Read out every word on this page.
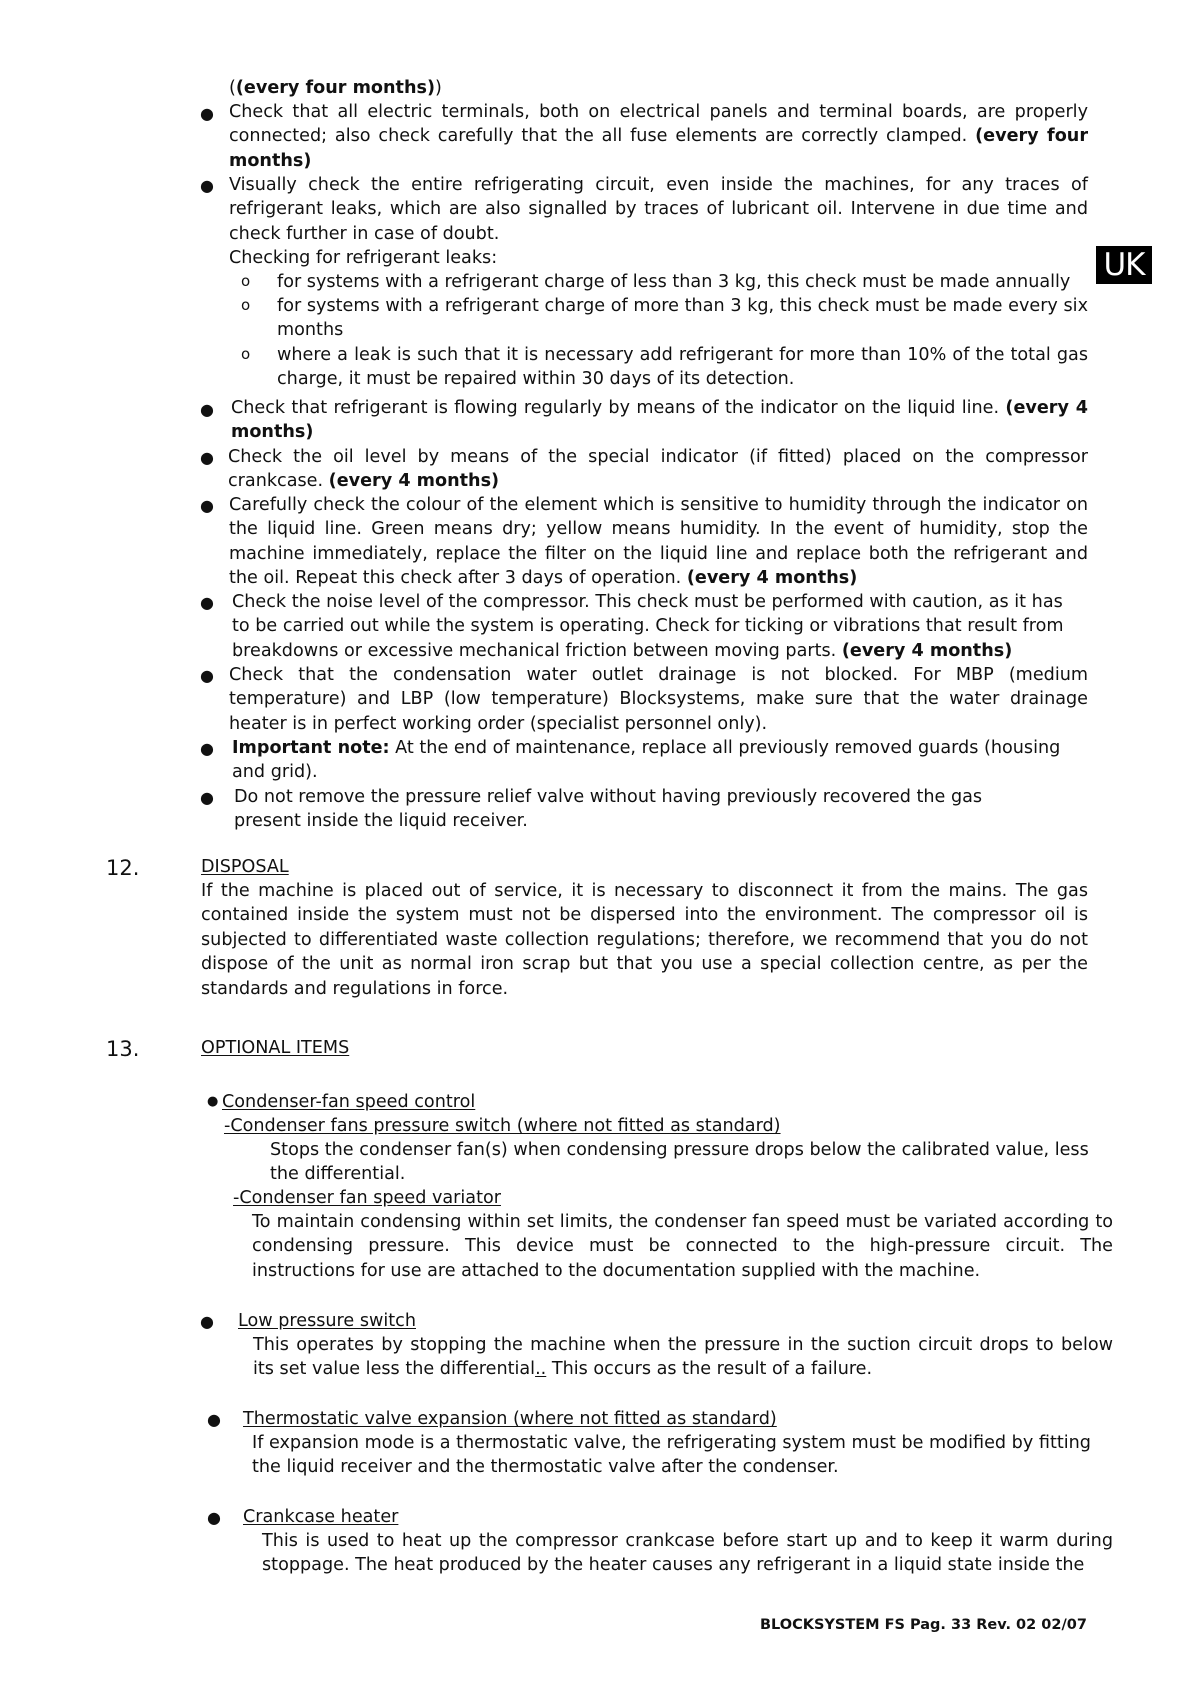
UK
((every four months))
● Check that all electric terminals, both on electrical panels and terminal boards, are properly connected; also check carefully that the all fuse elements are correctly clamped. (every four months)
● Visually check the entire refrigerating circuit, even inside the machines, for any traces of refrigerant leaks, which are also signalled by traces of lubricant oil. Intervene in due time and check further in case of doubt.
Checking for refrigerant leaks:
o for systems with a refrigerant charge of less than 3 kg, this check must be made annually
o for systems with a refrigerant charge of more than 3 kg, this check must be made every six months
o where a leak is such that it is necessary add refrigerant for more than 10% of the total gas charge, it must be repaired within 30 days of its detection.
● Check that refrigerant is flowing regularly by means of the indicator on the liquid line. (every 4 months)
● Check the oil level by means of the special indicator (if fitted) placed on the compressor crankcase. (every 4 months)
● Carefully check the colour of the element which is sensitive to humidity through the indicator on the liquid line. Green means dry; yellow means humidity. In the event of humidity, stop the machine immediately, replace the filter on the liquid line and replace both the refrigerant and the oil. Repeat this check after 3 days of operation. (every 4 months)
● Check the noise level of the compressor. This check must be performed with caution, as it has to be carried out while the system is operating. Check for ticking or vibrations that result from breakdowns or excessive mechanical friction between moving parts. (every 4 months)
● Check that the condensation water outlet drainage is not blocked. For MBP (medium temperature) and LBP (low temperature) Blocksystems, make sure that the water drainage heater is in perfect working order (specialist personnel only).
● Important note: At the end of maintenance, replace all previously removed guards (housing and grid).
● Do not remove the pressure relief valve without having previously recovered the gas present inside the liquid receiver.
12.	DISPOSAL
If the machine is placed out of service, it is necessary to disconnect it from the mains. The gas contained inside the system must not be dispersed into the environment. The compressor oil is subjected to differentiated waste collection regulations; therefore, we recommend that you do not dispose of the unit as normal iron scrap but that you use a special collection centre, as per the standards and regulations in force.
13.	OPTIONAL ITEMS
● Condenser-fan speed control
-Condenser fans pressure switch (where not fitted as standard)
Stops the condenser fan(s) when condensing pressure drops below the calibrated value, less the differential.
-Condenser fan speed variator
To maintain condensing within set limits, the condenser fan speed must be variated according to condensing pressure. This device must be connected to the high-pressure circuit. The instructions for use are attached to the documentation supplied with the machine.
● Low pressure switch
This operates by stopping the machine when the pressure in the suction circuit drops to below its set value less the differential.. This occurs as the result of a failure.
● Thermostatic valve expansion (where not fitted as standard)
If expansion mode is a thermostatic valve, the refrigerating system must be modified by fitting the liquid receiver and the thermostatic valve after the condenser.
● Crankcase heater
This is used to heat up the compressor crankcase before start up and to keep it warm during stoppage. The heat produced by the heater causes any refrigerant in a liquid state inside the
BLOCKSYSTEM FS Pag. 33 Rev. 02 02/07
